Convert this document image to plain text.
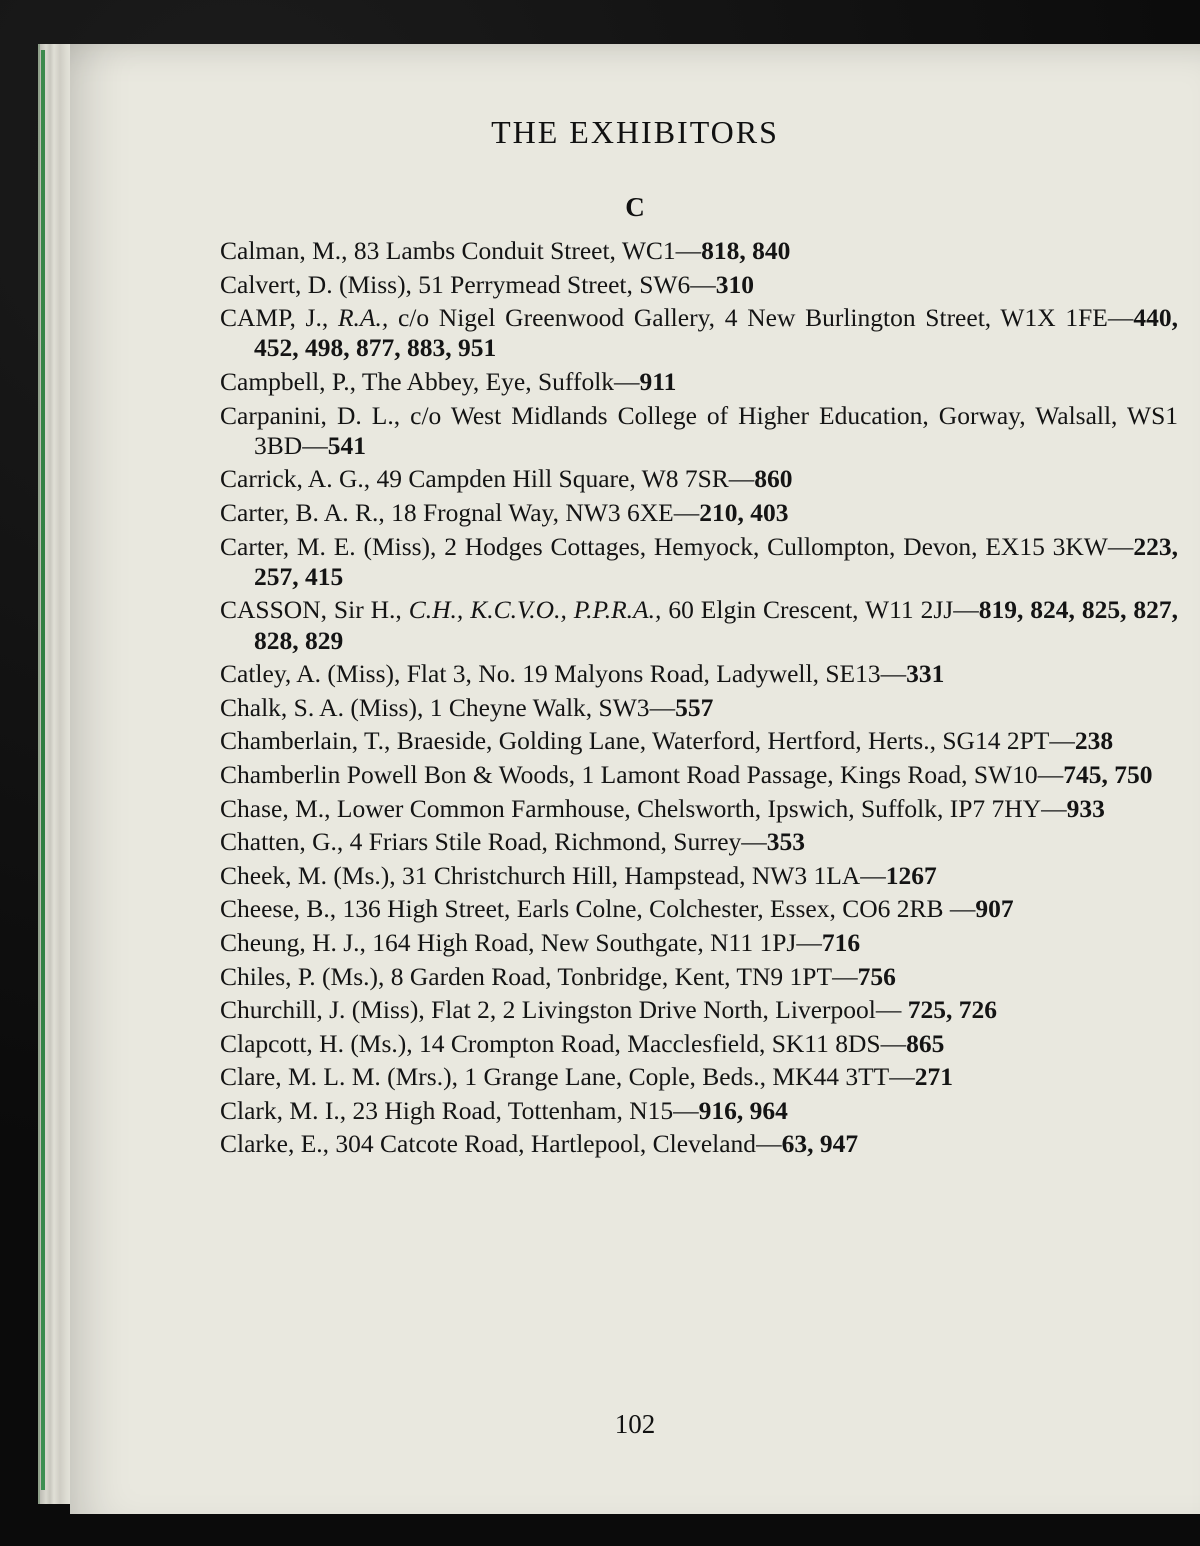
THE EXHIBITORS
C
Calman, M., 83 Lambs Conduit Street, WC1 — 818, 840
Calvert, D. (Miss), 51 Perrymead Street, SW6 — 310
CAMP, J., R.A., c/o Nigel Greenwood Gallery, 4 New Burlington Street, W1X 1FE— 440, 452, 498, 877, 883, 951
Campbell, P., The Abbey, Eye, Suffolk — 911
Carpanini, D. L., c/o West Midlands College of Higher Education, Gorway, Walsall, WS1 3BD — 541
Carrick, A. G., 49 Campden Hill Square, W8 7SR — 860
Carter, B. A. R., 18 Frognal Way, NW3 6XE — 210, 403
Carter, M. E. (Miss), 2 Hodges Cottages, Hemyock, Cullompton, Devon, EX15 3KW— 223, 257, 415
CASSON, Sir H., C.H., K.C.V.O., P.P.R.A., 60 Elgin Crescent, W11 2JJ — 819, 824, 825, 827, 828, 829
Catley, A. (Miss), Flat 3, No. 19 Malyons Road, Ladywell, SE13 — 331
Chalk, S. A. (Miss), 1 Cheyne Walk, SW3 — 557
Chamberlain, T., Braeside, Golding Lane, Waterford, Hertford, Herts., SG14 2PT — 238
Chamberlin Powell Bon & Woods, 1 Lamont Road Passage, Kings Road, SW10 — 745, 750
Chase, M., Lower Common Farmhouse, Chelsworth, Ipswich, Suffolk, IP7 7HY — 933
Chatten, G., 4 Friars Stile Road, Richmond, Surrey — 353
Cheek, M. (Ms.), 31 Christchurch Hill, Hampstead, NW3 1LA — 1267
Cheese, B., 136 High Street, Earls Colne, Colchester, Essex, CO6 2RB — 907
Cheung, H. J., 164 High Road, New Southgate, N11 1PJ — 716
Chiles, P. (Ms.), 8 Garden Road, Tonbridge, Kent, TN9 1PT — 756
Churchill, J. (Miss), Flat 2, 2 Livingston Drive North, Liverpool — 725, 726
Clapcott, H. (Ms.), 14 Crompton Road, Macclesfield, SK11 8DS — 865
Clare, M. L. M. (Mrs.), 1 Grange Lane, Cople, Beds., MK44 3TT — 271
Clark, M. I., 23 High Road, Tottenham, N15 — 916, 964
Clarke, E., 304 Catcote Road, Hartlepool, Cleveland — 63, 947
102
